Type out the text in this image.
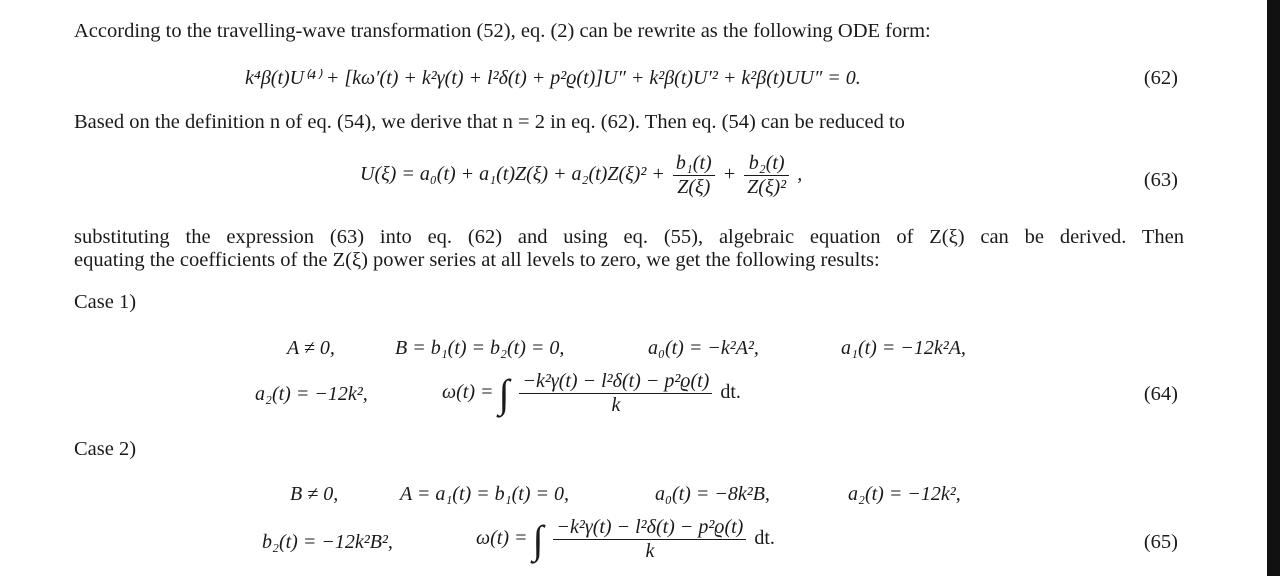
According to the travelling-wave transformation (52), eq. (2) can be rewrite as the following ODE form:
k⁴β(t)U⁽⁴⁾ + [kω′(t) + k²γ(t) + l²δ(t) + p²ϱ(t)]U″ + k²β(t)U′² + k²β(t)UU″ = 0.	(62)
Based on the definition n of eq. (54), we derive that n = 2 in eq. (62). Then eq. (54) can be reduced to
$U(\xi) = a_0(t) + a_1(t)Z(\xi) + a_2(t)Z(\xi)^2 + \frac{\text{b₁(t)}}{Z(\xi)} + \frac{\text{b₂(t)}}{\text{Z(ξ)²}}$ ,	(63)
substituting the expression (63) into eq. (62) and using eq. (55), algebraic equation of Z(ξ) can be derived. Then
equating the coefficients of the Z(ξ) power series at all levels to zero, we get the following results:
Case 1)
A ≠ 0,	B = b₁(t) = b₂(t) = 0,	a₀(t) = −k²A²,	a₁(t) = −12k²A,
a₂(t) = −12k²,	ω(t) = ∫ $\frac{\text{−k²γ(t) − l²δ(t) − p²ϱ(t)}}{k}$ dt.	(64)
Case 2)
B ≠ 0,	A = a₁(t) = b₁(t) = 0,	a₀(t) = −8k²B,	a₂(t) = −12k²,
b₂(t) = −12k²B²,	ω(t) = ∫ $\frac{\text{−k²γ(t) − l²δ(t) − p²ϱ(t)}}{k}$ dt.	(65)
